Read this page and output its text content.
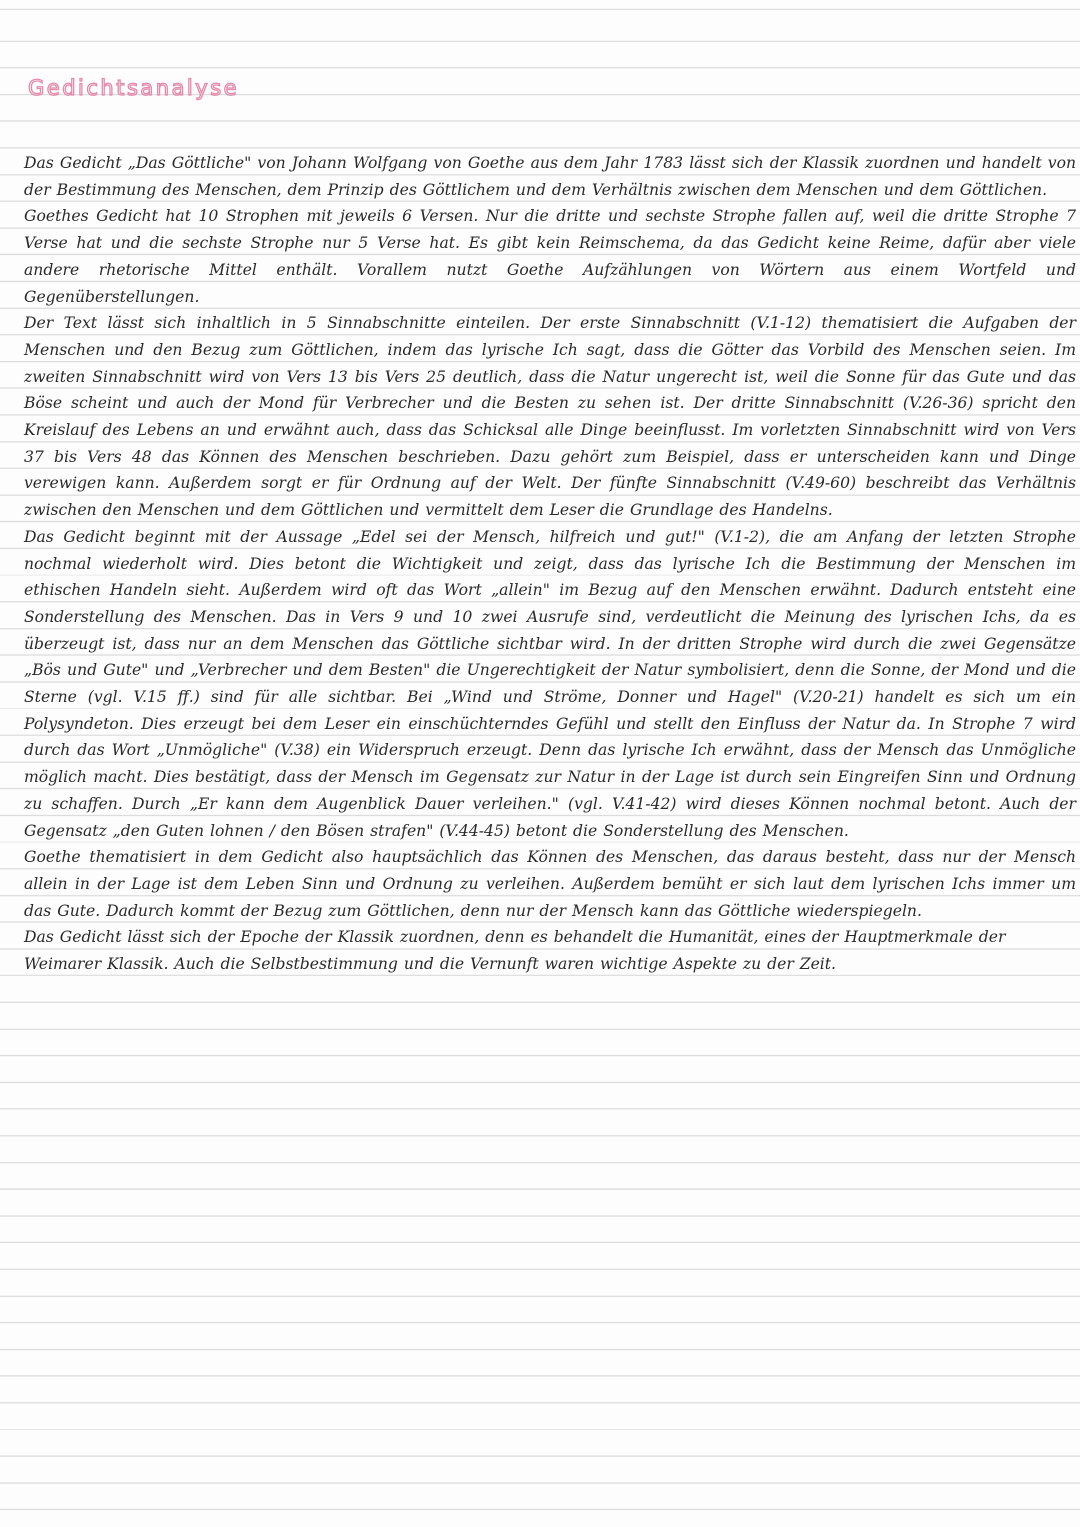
Gedichtsanalyse

Das Gedicht „Das Göttliche" von Johann Wolfgang von Goethe aus dem Jahr 1783 lässt sich der Klassik zuordnen und handelt von der Bestimmung des Menschen, dem Prinzip des Göttlichem und dem Verhältnis zwischen dem Menschen und dem Göttlichen.

Goethes Gedicht hat 10 Strophen mit jeweils 6 Versen. Nur die dritte und sechste Strophe fallen auf, weil die dritte Strophe 7 Verse hat und die sechste Strophe nur 5 Verse hat. Es gibt kein Reimschema, da das Gedicht keine Reime, dafür aber viele andere rhetorische Mittel enthält. Vorallem nutzt Goethe Aufzählungen von Wörtern aus einem Wortfeld und Gegenüberstellungen.

Der Text lässt sich inhaltlich in 5 Sinnabschnitte einteilen. Der erste Sinnabschnitt (V.1-12) thematisiert die Aufgaben der Menschen und den Bezug zum Göttlichen, indem das lyrische Ich sagt, dass die Götter das Vorbild des Menschen seien. Im zweiten Sinnabschnitt wird von Vers 13 bis Vers 25 deutlich, dass die Natur ungerecht ist, weil die Sonne für das Gute und das Böse scheint und auch der Mond für Verbrecher und die Besten zu sehen ist. Der dritte Sinnabschnitt (V.26-36) spricht den Kreislauf des Lebens an und erwähnt auch, dass das Schicksal alle Dinge beeinflusst. Im vorletzten Sinnabschnitt wird von Vers 37 bis Vers 48 das Können des Menschen beschrieben. Dazu gehört zum Beispiel, dass er unterscheiden kann und Dinge verewigen kann. Außerdem sorgt er für Ordnung auf der Welt. Der fünfte Sinnabschnitt (V.49-60) beschreibt das Verhältnis zwischen den Menschen und dem Göttlichen und vermittelt dem Leser die Grundlage des Handelns.

Das Gedicht beginnt mit der Aussage „Edel sei der Mensch, hilfreich und gut!" (V.1-2), die am Anfang der letzten Strophe nochmal wiederholt wird. Dies betont die Wichtigkeit und zeigt, dass das lyrische Ich die Bestimmung der Menschen im ethischen Handeln sieht. Außerdem wird oft das Wort „allein" im Bezug auf den Menschen erwähnt. Dadurch entsteht eine Sonderstellung des Menschen. Das in Vers 9 und 10 zwei Ausrufe sind, verdeutlicht die Meinung des lyrischen Ichs, da es überzeugt ist, dass nur an dem Menschen das Göttliche sichtbar wird. In der dritten Strophe wird durch die zwei Gegensätze „Bös und Gute" und „Verbrecher und dem Besten" die Ungerechtigkeit der Natur symbolisiert, denn die Sonne, der Mond und die Sterne (vgl. V.15 ff.) sind für alle sichtbar. Bei „Wind und Ströme, Donner und Hagel" (V.20-21) handelt es sich um ein Polysyndeton. Dies erzeugt bei dem Leser ein einschüchterndes Gefühl und stellt den Einfluss der Natur da. In Strophe 7 wird durch das Wort „Unmögliche" (V.38) ein Widerspruch erzeugt. Denn das lyrische Ich erwähnt, dass der Mensch das Unmögliche möglich macht. Dies bestätigt, dass der Mensch im Gegensatz zur Natur in der Lage ist durch sein Eingreifen Sinn und Ordnung zu schaffen. Durch „Er kann dem Augenblick Dauer verleihen." (vgl. V.41-42) wird dieses Können nochmal betont. Auch der Gegensatz „den Guten lohnen / den Bösen strafen" (V.44-45) betont die Sonderstellung des Menschen.

Goethe thematisiert in dem Gedicht also hauptsächlich das Können des Menschen, das daraus besteht, dass nur der Mensch allein in der Lage ist dem Leben Sinn und Ordnung zu verleihen. Außerdem bemüht er sich laut dem lyrischen Ichs immer um das Gute. Dadurch kommt der Bezug zum Göttlichen, denn nur der Mensch kann das Göttliche wiederspiegeln.

Das Gedicht lässt sich der Epoche der Klassik zuordnen, denn es behandelt die Humanität, eines der Hauptmerkmale der Weimarer Klassik. Auch die Selbstbestimmung und die Vernunft waren wichtige Aspekte zu der Zeit.
